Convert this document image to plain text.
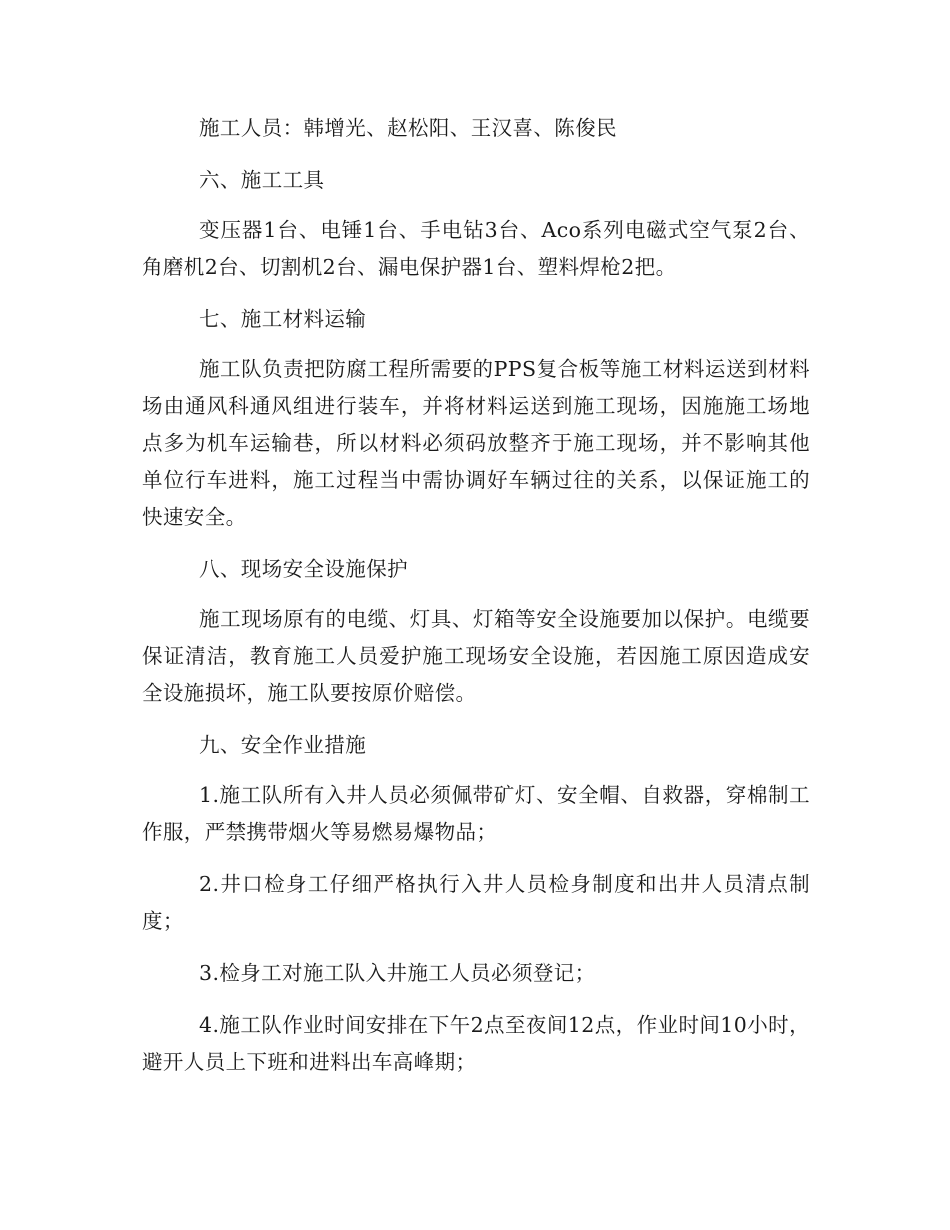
施工人员：韩增光、赵松阳、王汉喜、陈俊民

六、施工工具

变压器1台、电锤1台、手电钻3台、Aco系列电磁式空气泵2台、角磨机2台、切割机2台、漏电保护器1台、塑料焊枪2把。

七、施工材料运输

施工队负责把防腐工程所需要的PPS复合板等施工材料运送到材料场由通风科通风组进行装车，并将材料运送到施工现场，因施施工场地点多为机车运输巷，所以材料必须码放整齐于施工现场，并不影响其他单位行车进料，施工过程当中需协调好车辆过往的关系，以保证施工的快速安全。

八、现场安全设施保护

施工现场原有的电缆、灯具、灯箱等安全设施要加以保护。电缆要保证清洁，教育施工人员爱护施工现场安全设施，若因施工原因造成安全设施损坏，施工队要按原价赔偿。

九、安全作业措施

1.施工队所有入井人员必须佩带矿灯、安全帽、自救器，穿棉制工作服，严禁携带烟火等易燃易爆物品；

2.井口检身工仔细严格执行入井人员检身制度和出井人员清点制度；

3.检身工对施工队入井施工人员必须登记；

4.施工队作业时间安排在下午2点至夜间12点，作业时间10小时，避开人员上下班和进料出车高峰期；
